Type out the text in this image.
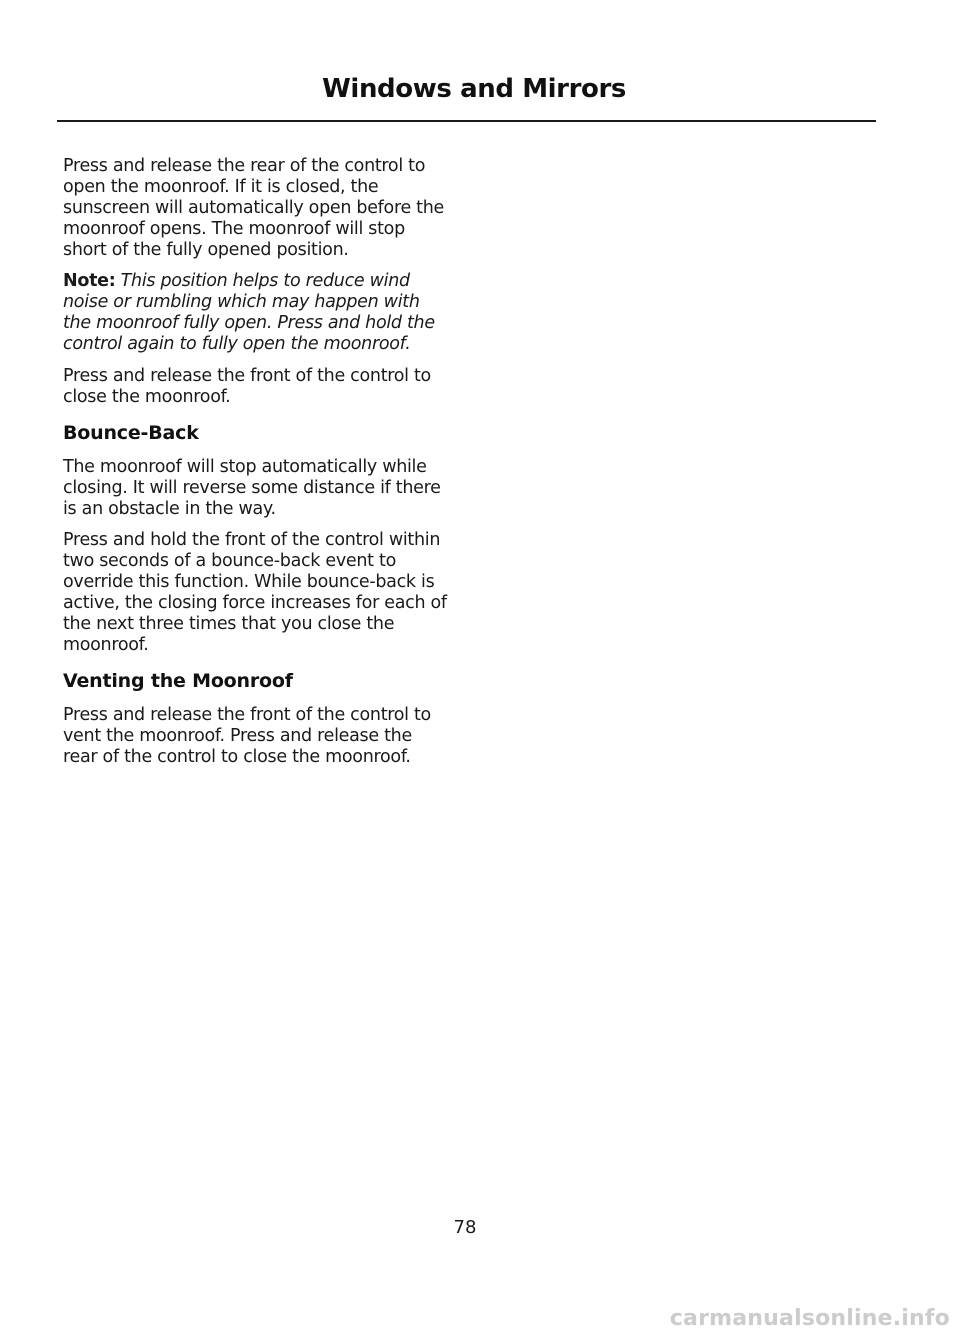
Windows and Mirrors

Press and release the rear of the control to open the moonroof. If it is closed, the sunscreen will automatically open before the moonroof opens. The moonroof will stop short of the fully opened position.

Note: This position helps to reduce wind noise or rumbling which may happen with the moonroof fully open. Press and hold the control again to fully open the moonroof.

Press and release the front of the control to close the moonroof.

Bounce-Back

The moonroof will stop automatically while closing. It will reverse some distance if there is an obstacle in the way.

Press and hold the front of the control within two seconds of a bounce-back event to override this function. While bounce-back is active, the closing force increases for each of the next three times that you close the moonroof.

Venting the Moonroof

Press and release the front of the control to vent the moonroof. Press and release the rear of the control to close the moonroof.

78
carmanualsonline.info
